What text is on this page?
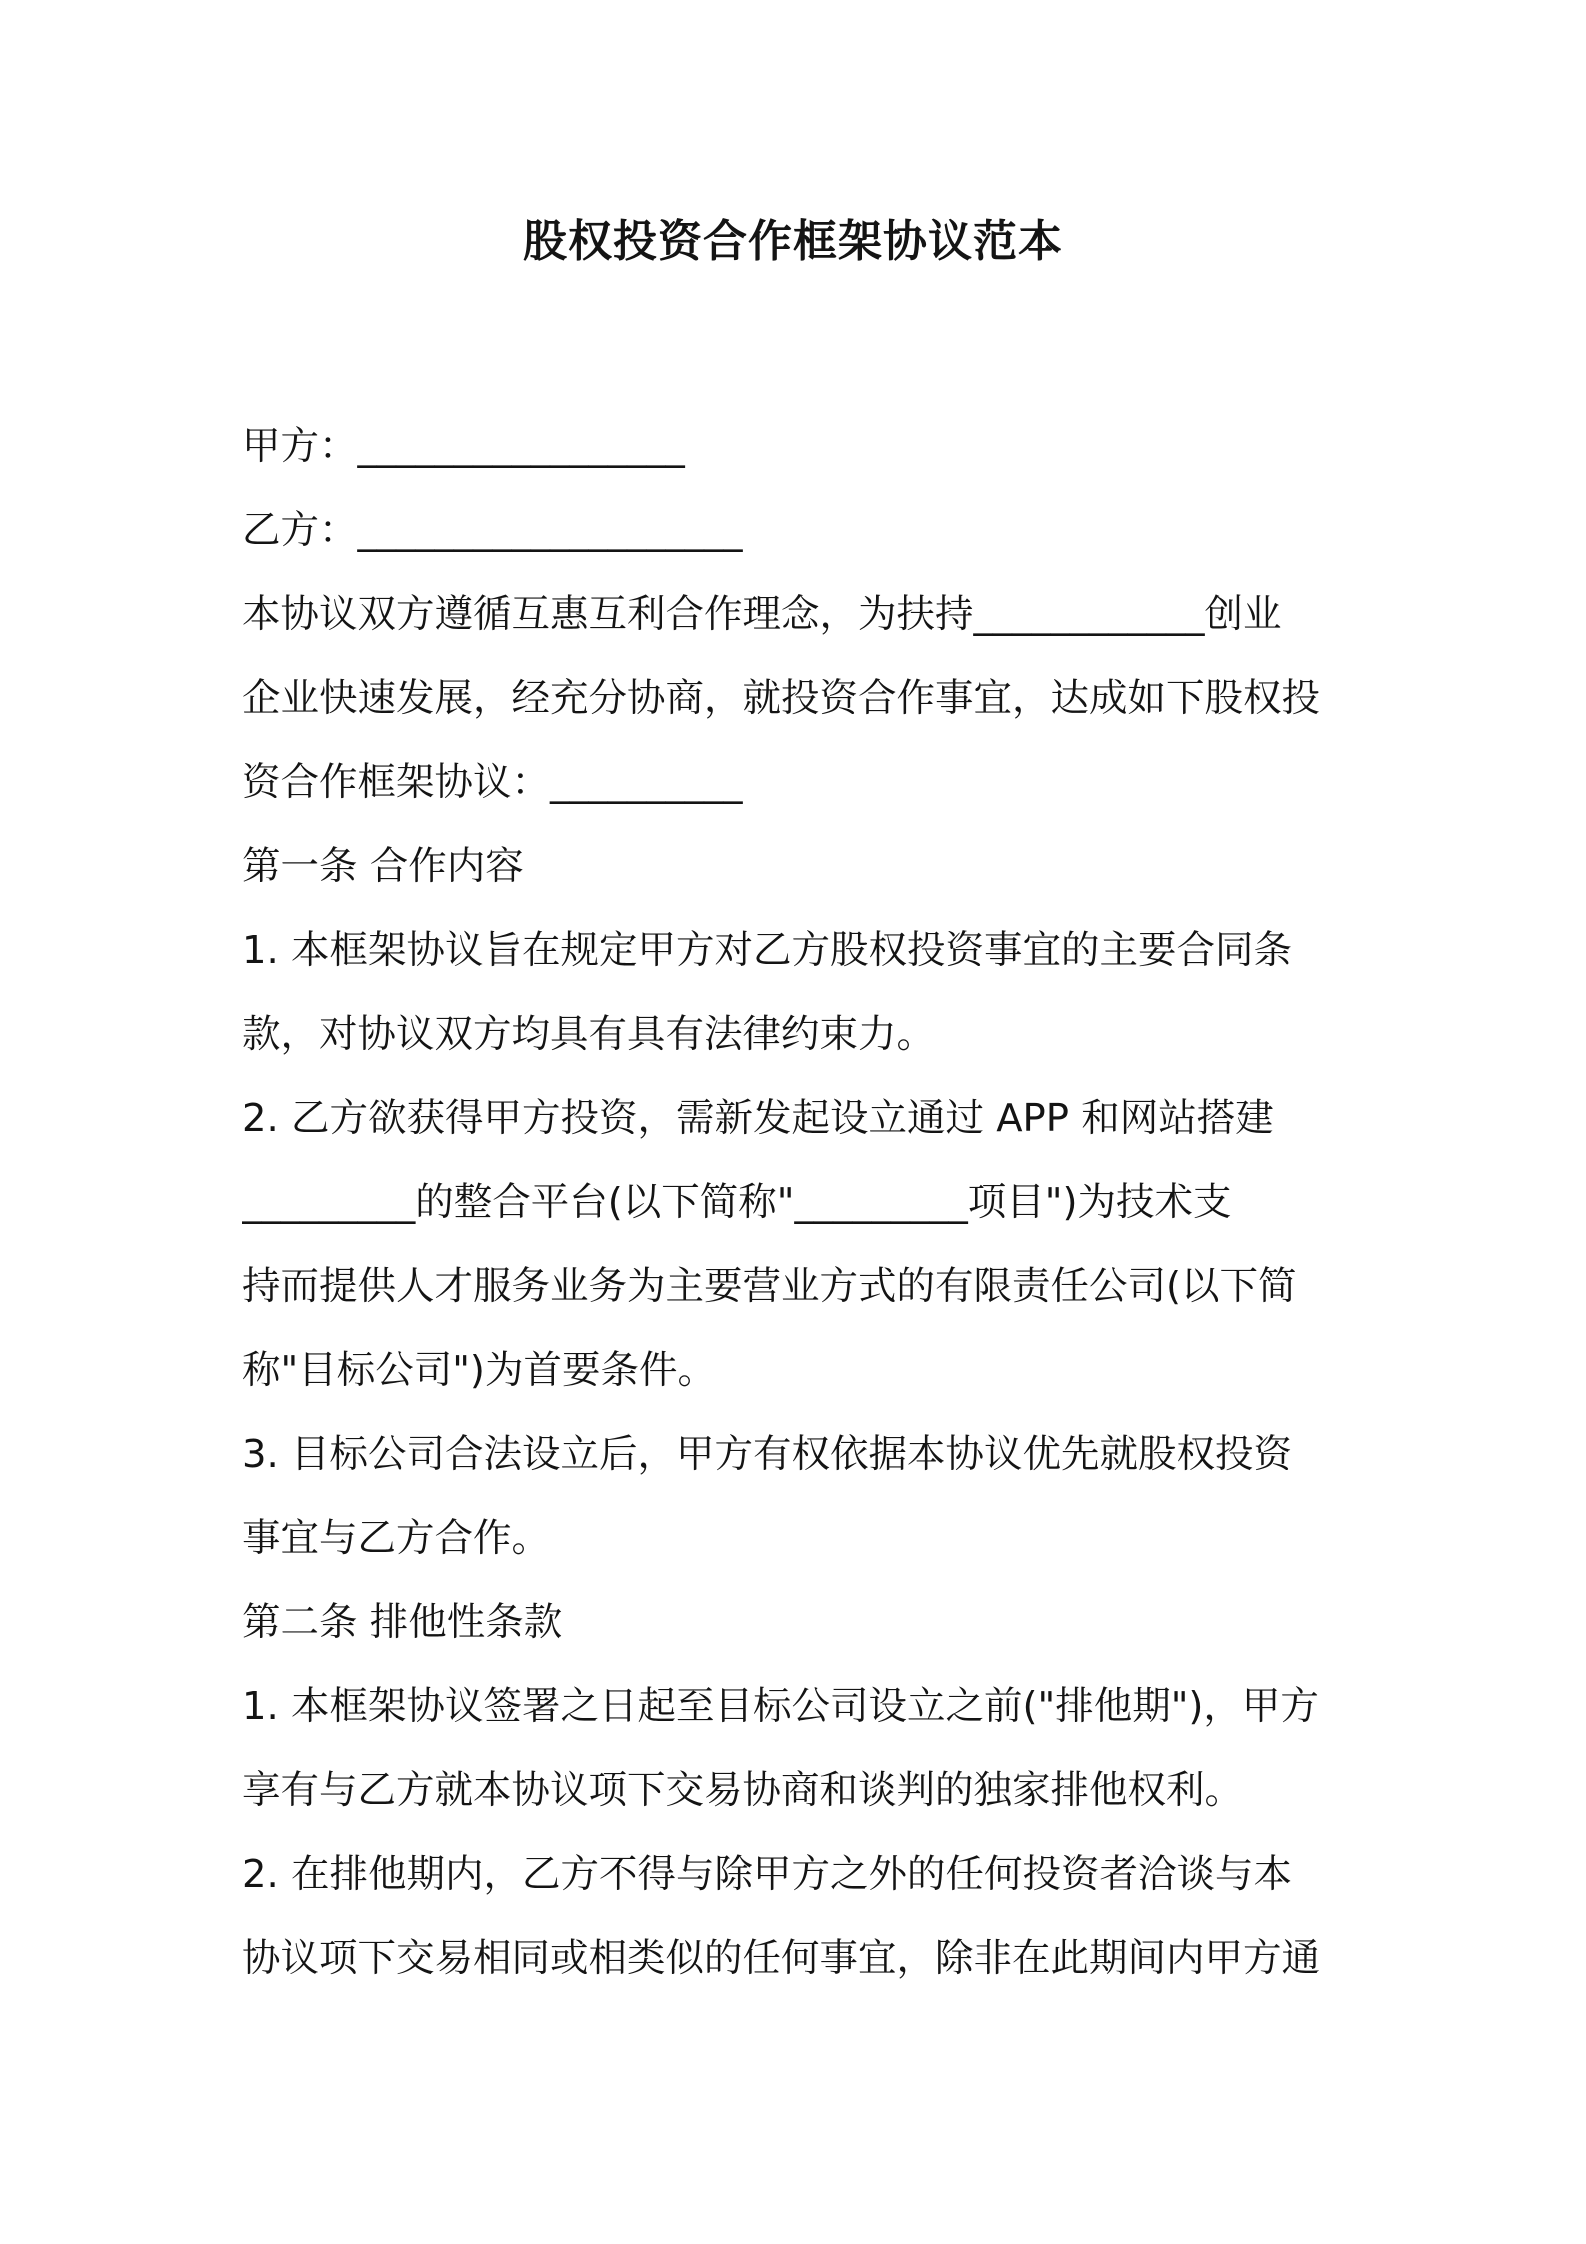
股权投资合作框架协议范本
甲方：_________________
乙方：____________________
本协议双方遵循互惠互利合作理念，为扶持____________创业
企业快速发展，经充分协商，就投资合作事宜，达成如下股权投
资合作框架协议：__________
第一条 合作内容
1. 本框架协议旨在规定甲方对乙方股权投资事宜的主要合同条
款，对协议双方均具有具有法律约束力。
2. 乙方欲获得甲方投资，需新发起设立通过 APP 和网站搭建
_________的整合平台(以下简称"_________项目")为技术支
持而提供人才服务业务为主要营业方式的有限责任公司(以下简
称"目标公司")为首要条件。
3. 目标公司合法设立后，甲方有权依据本协议优先就股权投资
事宜与乙方合作。
第二条 排他性条款
1. 本框架协议签署之日起至目标公司设立之前("排他期")，甲方
享有与乙方就本协议项下交易协商和谈判的独家排他权利。
2. 在排他期内，乙方不得与除甲方之外的任何投资者洽谈与本
协议项下交易相同或相类似的任何事宜，除非在此期间内甲方通
